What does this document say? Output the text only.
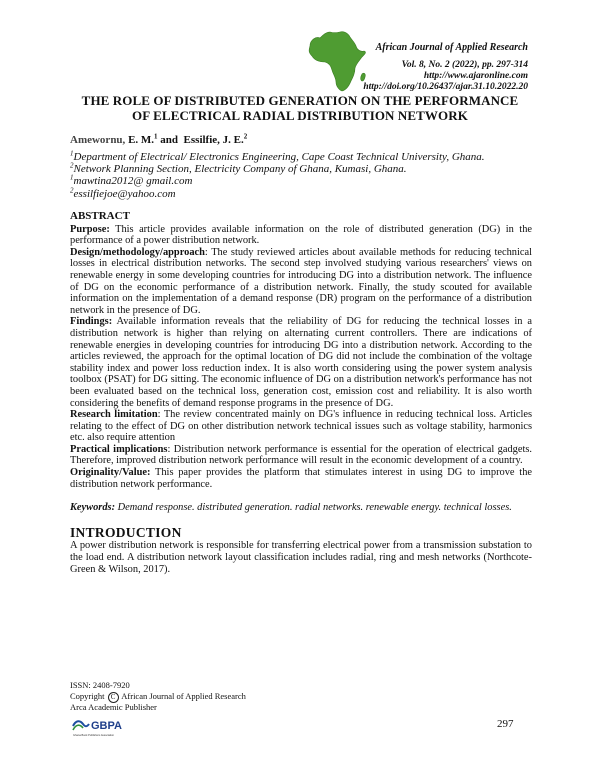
African Journal of Applied Research
Vol. 8, No. 2 (2022), pp. 297-314
http://www.ajaronline.com
http://doi.org/10.26437/ajar.31.10.2022.20
THE ROLE OF DISTRIBUTED GENERATION ON THE PERFORMANCE
OF ELECTRICAL RADIAL DISTRIBUTION NETWORK
Amewornu, E. M.$^1$ and Essilfie, J. E.$^2$
$^1$Department of Electrical/ Electronics Engineering, Cape Coast Technical University, Ghana.
$^2$Network Planning Section, Electricity Company of Ghana, Kumasi, Ghana.
$^1$mawtina2012@ gmail.com
$^2$essilfiejoe@yahoo.com

ABSTRACT

Purpose: This article provides available information on the role of distributed generation (DG) in the performance of a power distribution network.

Design/methodology/approach: The study reviewed articles about available methods for reducing technical losses in electrical distribution networks. The second step involved studying various researchers' views on renewable energy in some developing countries for introducing DG into a distribution network. The influence of DG on the economic performance of a distribution network. Finally, the study scouted for available information on the implementation of a demand response (DR) program on the performance of a distribution network in the presence of DG.

Findings: Available information reveals that the reliability of DG for reducing the technical losses in a distribution network is higher than relying on alternating current controllers. There are indications of renewable energies in developing countries for introducing DG into a distribution network. According to the articles reviewed, the approach for the optimal location of DG did not include the combination of the voltage stability index and power loss reduction index. It is also worth considering using the power system analysis toolbox (PSAT) for DG sitting. The economic influence of DG on a distribution network's performance has not been evaluated based on the technical loss, generation cost, emission cost and reliability. It is also worth considering the benefits of demand response programs in the presence of DG.

Research limitation: The review concentrated mainly on DG's influence in reducing technical loss. Articles relating to the effect of DG on other distribution network technical issues such as voltage stability, harmonics etc. also require attention

Practical implications: Distribution network performance is essential for the operation of electrical gadgets. Therefore, improved distribution network performance will result in the economic development of a country.

Originality/Value: This paper provides the platform that stimulates interest in using DG to improve the distribution network performance.

Keywords: Demand response. distributed generation. radial networks. renewable energy. technical losses.

INTRODUCTION

A power distribution network is responsible for transferring electrical power from a transmission substation to the load end. A distribution network layout classification includes radial, ring and mesh networks (Northcote-Green & Wilson, 2017).

ISSN: 2408-7920
Copyright C African Journal of Applied Research
Arca Academic Publisher
GBPA
Ghana Book Publishers Association
297
